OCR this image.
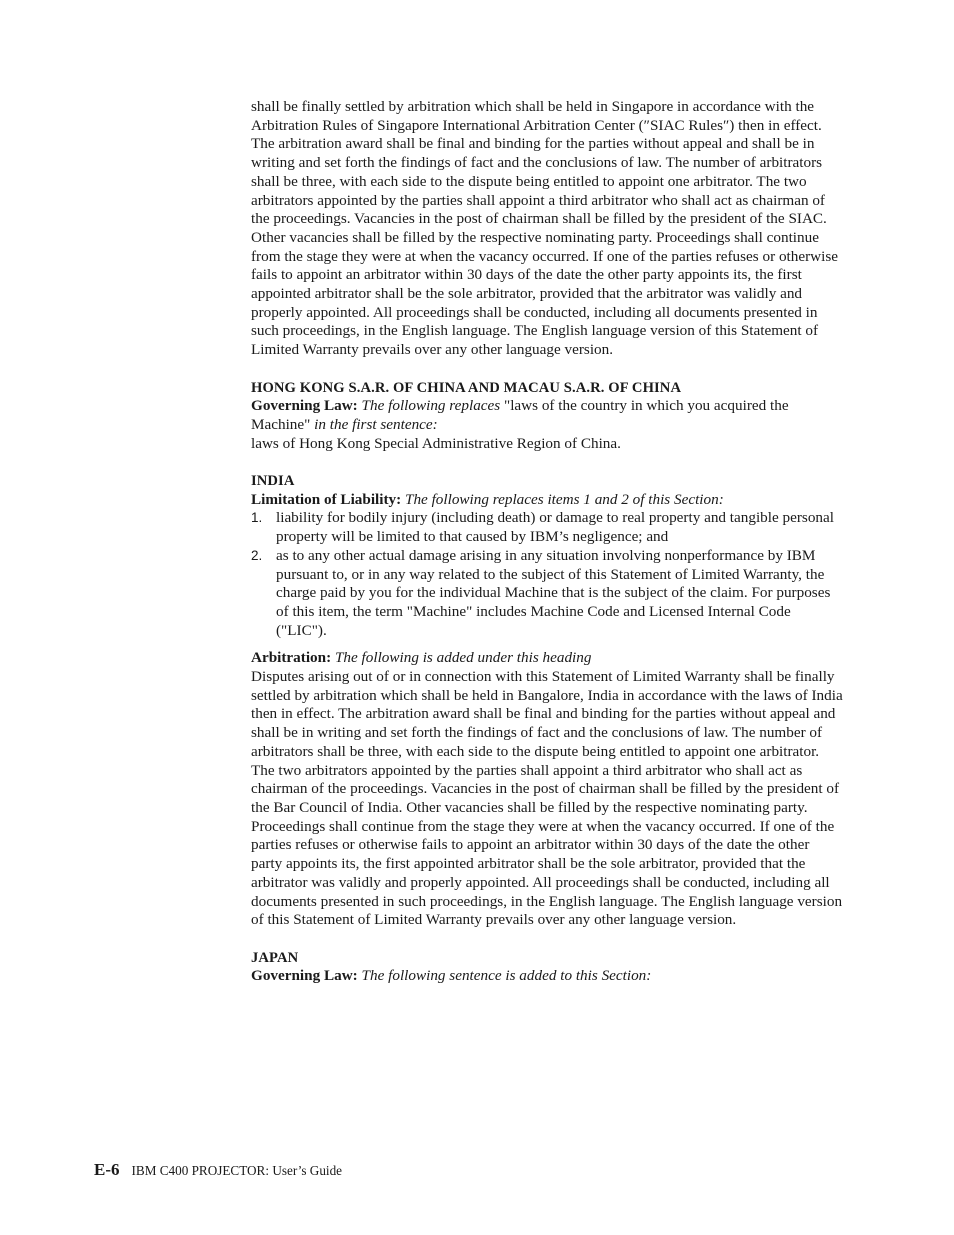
shall be finally settled by arbitration which shall be held in Singapore in accordance with the Arbitration Rules of Singapore International Arbitration Center (″SIAC Rules″) then in effect. The arbitration award shall be final and binding for the parties without appeal and shall be in writing and set forth the findings of fact and the conclusions of law. The number of arbitrators shall be three, with each side to the dispute being entitled to appoint one arbitrator. The two arbitrators appointed by the parties shall appoint a third arbitrator who shall act as chairman of the proceedings. Vacancies in the post of chairman shall be filled by the president of the SIAC. Other vacancies shall be filled by the respective nominating party. Proceedings shall continue from the stage they were at when the vacancy occurred. If one of the parties refuses or otherwise fails to appoint an arbitrator within 30 days of the date the other party appoints its, the first appointed arbitrator shall be the sole arbitrator, provided that the arbitrator was validly and properly appointed. All proceedings shall be conducted, including all documents presented in such proceedings, in the English language. The English language version of this Statement of Limited Warranty prevails over any other language version.

HONG KONG S.A.R. OF CHINA AND MACAU S.A.R. OF CHINA

Governing Law: The following replaces "laws of the country in which you acquired the Machine" in the first sentence:

laws of Hong Kong Special Administrative Region of China.

INDIA

Limitation of Liability: The following replaces items 1 and 2 of this Section:

1. liability for bodily injury (including death) or damage to real property and tangible personal property will be limited to that caused by IBM’s negligence; and
2. as to any other actual damage arising in any situation involving nonperformance by IBM pursuant to, or in any way related to the subject of this Statement of Limited Warranty, the charge paid by you for the individual Machine that is the subject of the claim. For purposes of this item, the term "Machine" includes Machine Code and Licensed Internal Code ("LIC").

Arbitration: The following is added under this heading

Disputes arising out of or in connection with this Statement of Limited Warranty shall be finally settled by arbitration which shall be held in Bangalore, India in accordance with the laws of India then in effect. The arbitration award shall be final and binding for the parties without appeal and shall be in writing and set forth the findings of fact and the conclusions of law. The number of arbitrators shall be three, with each side to the dispute being entitled to appoint one arbitrator. The two arbitrators appointed by the parties shall appoint a third arbitrator who shall act as chairman of the proceedings. Vacancies in the post of chairman shall be filled by the president of the Bar Council of India. Other vacancies shall be filled by the respective nominating party. Proceedings shall continue from the stage they were at when the vacancy occurred. If one of the parties refuses or otherwise fails to appoint an arbitrator within 30 days of the date the other party appoints its, the first appointed arbitrator shall be the sole arbitrator, provided that the arbitrator was validly and properly appointed. All proceedings shall be conducted, including all documents presented in such proceedings, in the English language. The English language version of this Statement of Limited Warranty prevails over any other language version.

JAPAN

Governing Law: The following sentence is added to this Section:

E-6 IBM C400 PROJECTOR: User’s Guide
